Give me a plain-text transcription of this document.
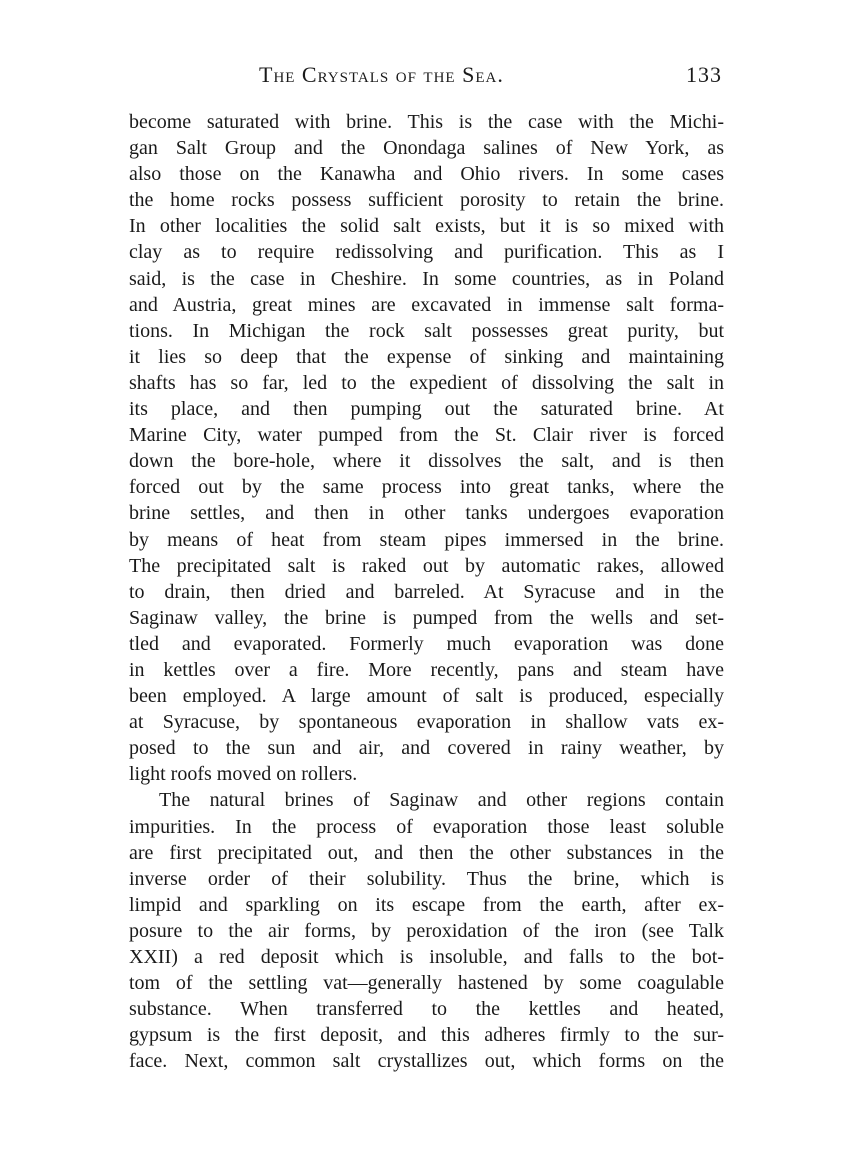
The Crystals of the Sea.	133
become saturated with brine. This is the case with the Michi-
gan Salt Group and the Onondaga salines of New York, as
also those on the Kanawha and Ohio rivers. In some cases
the home rocks possess sufficient porosity to retain the brine.
In other localities the solid salt exists, but it is so mixed with
clay as to require redissolving and purification. This as I
said, is the case in Cheshire. In some countries, as in Poland
and Austria, great mines are excavated in immense salt forma-
tions. In Michigan the rock salt possesses great purity, but
it lies so deep that the expense of sinking and maintaining
shafts has so far, led to the expedient of dissolving the salt in
its place, and then pumping out the saturated brine. At
Marine City, water pumped from the St. Clair river is forced
down the bore-hole, where it dissolves the salt, and is then
forced out by the same process into great tanks, where the
brine settles, and then in other tanks undergoes evaporation
by means of heat from steam pipes immersed in the brine.
The precipitated salt is raked out by automatic rakes, allowed
to drain, then dried and barreled. At Syracuse and in the
Saginaw valley, the brine is pumped from the wells and set-
tled and evaporated. Formerly much evaporation was done
in kettles over a fire. More recently, pans and steam have
been employed. A large amount of salt is produced, especially
at Syracuse, by spontaneous evaporation in shallow vats ex-
posed to the sun and air, and covered in rainy weather, by
light roofs moved on rollers.
The natural brines of Saginaw and other regions contain
impurities. In the process of evaporation those least soluble
are first precipitated out, and then the other substances in the
inverse order of their solubility. Thus the brine, which is
limpid and sparkling on its escape from the earth, after ex-
posure to the air forms, by peroxidation of the iron (see Talk
XXII) a red deposit which is insoluble, and falls to the bot-
tom of the settling vat—generally hastened by some coagulable
substance. When transferred to the kettles and heated,
gypsum is the first deposit, and this adheres firmly to the sur-
face. Next, common salt crystallizes out, which forms on the
